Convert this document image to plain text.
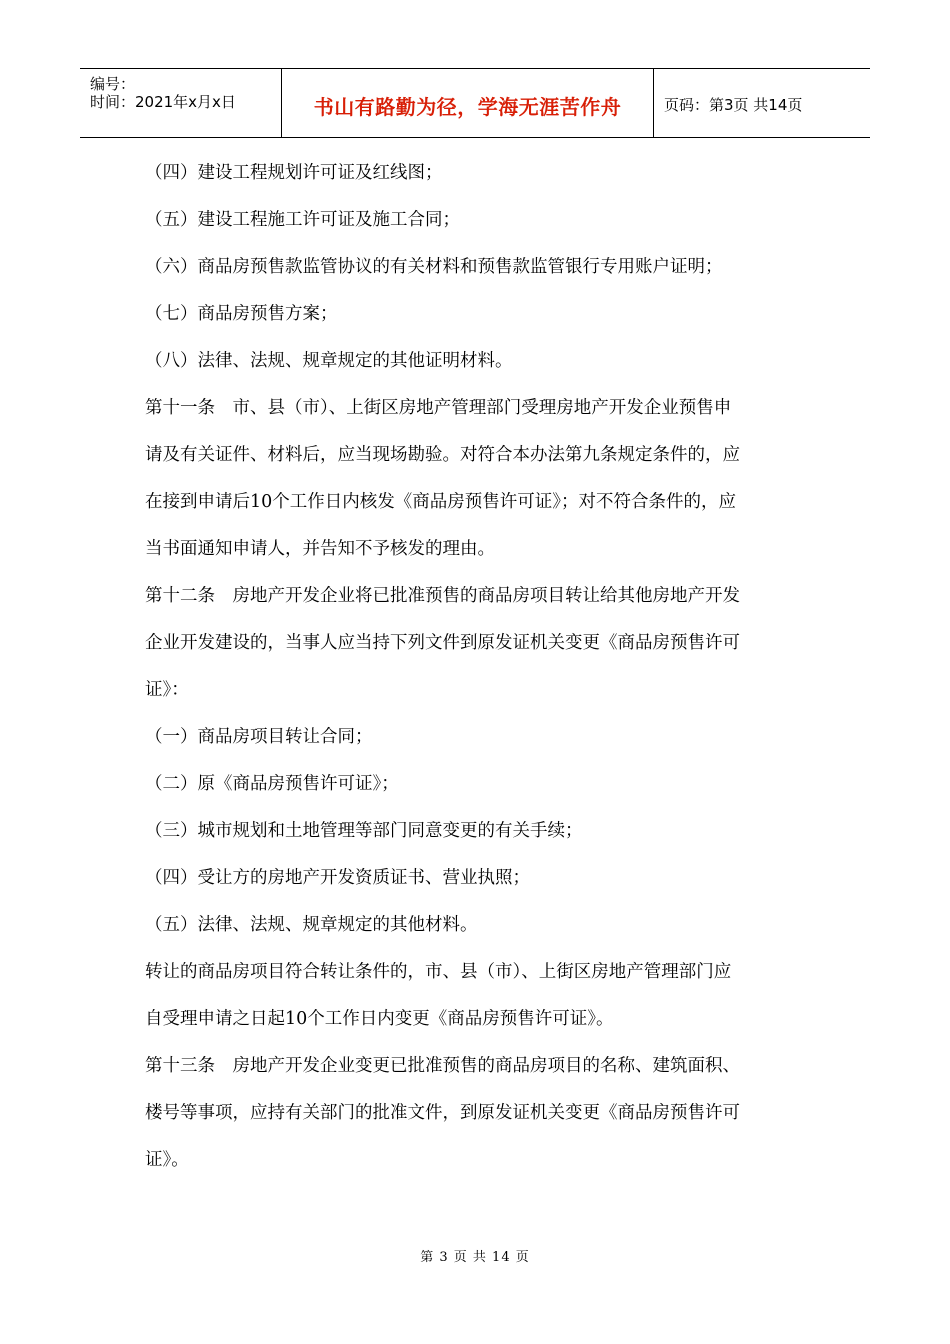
编号：
时间：2021年x月x日	书山有路勤为径，学海无涯苦作舟	页码：第3页 共14页
（四）建设工程规划许可证及红线图；
（五）建设工程施工许可证及施工合同；
（六）商品房预售款监管协议的有关材料和预售款监管银行专用账户证明；
（七）商品房预售方案；
（八）法律、法规、规章规定的其他证明材料。
第十一条　市、县（市）、上街区房地产管理部门受理房地产开发企业预售申
请及有关证件、材料后，应当现场勘验。对符合本办法第九条规定条件的，应
在接到申请后10个工作日内核发《商品房预售许可证》；对不符合条件的，应
当书面通知申请人，并告知不予核发的理由。
第十二条　房地产开发企业将已批准预售的商品房项目转让给其他房地产开发
企业开发建设的，当事人应当持下列文件到原发证机关变更《商品房预售许可
证》：
（一）商品房项目转让合同；
（二）原《商品房预售许可证》；
（三）城市规划和土地管理等部门同意变更的有关手续；
（四）受让方的房地产开发资质证书、营业执照；
（五）法律、法规、规章规定的其他材料。
转让的商品房项目符合转让条件的，市、县（市）、上街区房地产管理部门应
自受理申请之日起10个工作日内变更《商品房预售许可证》。
第十三条　房地产开发企业变更已批准预售的商品房项目的名称、建筑面积、
楼号等事项，应持有关部门的批准文件，到原发证机关变更《商品房预售许可
证》。
第 3 页 共 14 页
